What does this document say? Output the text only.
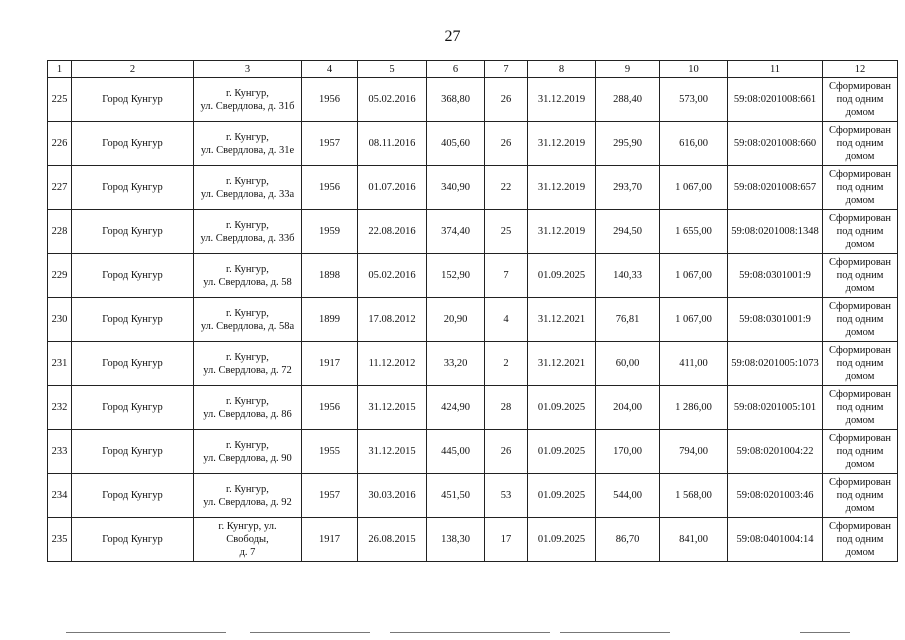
27
1	2	3	4	5	6	7	8	9	10	11	12
225	Город Кунгур	г. Кунгур,
ул. Свердлова, д. 31б	1956	05.02.2016	368,80	26	31.12.2019	288,40	573,00	59:08:0201008:661	Сформирован
под одним
домом
226	Город Кунгур	г. Кунгур,
ул. Свердлова, д. 31е	1957	08.11.2016	405,60	26	31.12.2019	295,90	616,00	59:08:0201008:660	Сформирован
под одним
домом
227	Город Кунгур	г. Кунгур,
ул. Свердлова, д. 33а	1956	01.07.2016	340,90	22	31.12.2019	293,70	1 067,00	59:08:0201008:657	Сформирован
под одним
домом
228	Город Кунгур	г. Кунгур,
ул. Свердлова, д. 33б	1959	22.08.2016	374,40	25	31.12.2019	294,50	1 655,00	59:08:0201008:1348	Сформирован
под одним
домом
229	Город Кунгур	г. Кунгур,
ул. Свердлова, д. 58	1898	05.02.2016	152,90	7	01.09.2025	140,33	1 067,00	59:08:0301001:9	Сформирован
под одним
домом
230	Город Кунгур	г. Кунгур,
ул. Свердлова, д. 58а	1899	17.08.2012	20,90	4	31.12.2021	76,81	1 067,00	59:08:0301001:9	Сформирован
под одним
домом
231	Город Кунгур	г. Кунгур,
ул. Свердлова, д. 72	1917	11.12.2012	33,20	2	31.12.2021	60,00	411,00	59:08:0201005:1073	Сформирован
под одним
домом
232	Город Кунгур	г. Кунгур,
ул. Свердлова, д. 86	1956	31.12.2015	424,90	28	01.09.2025	204,00	1 286,00	59:08:0201005:101	Сформирован
под одним
домом
233	Город Кунгур	г. Кунгур,
ул. Свердлова, д. 90	1955	31.12.2015	445,00	26	01.09.2025	170,00	794,00	59:08:0201004:22	Сформирован
под одним
домом
234	Город Кунгур	г. Кунгур,
ул. Свердлова, д. 92	1957	30.03.2016	451,50	53	01.09.2025	544,00	1 568,00	59:08:0201003:46	Сформирован
под одним
домом
235	Город Кунгур	г. Кунгур, ул. Свободы,
д. 7	1917	26.08.2015	138,30	17	01.09.2025	86,70	841,00	59:08:0401004:14	Сформирован
под одним
домом
